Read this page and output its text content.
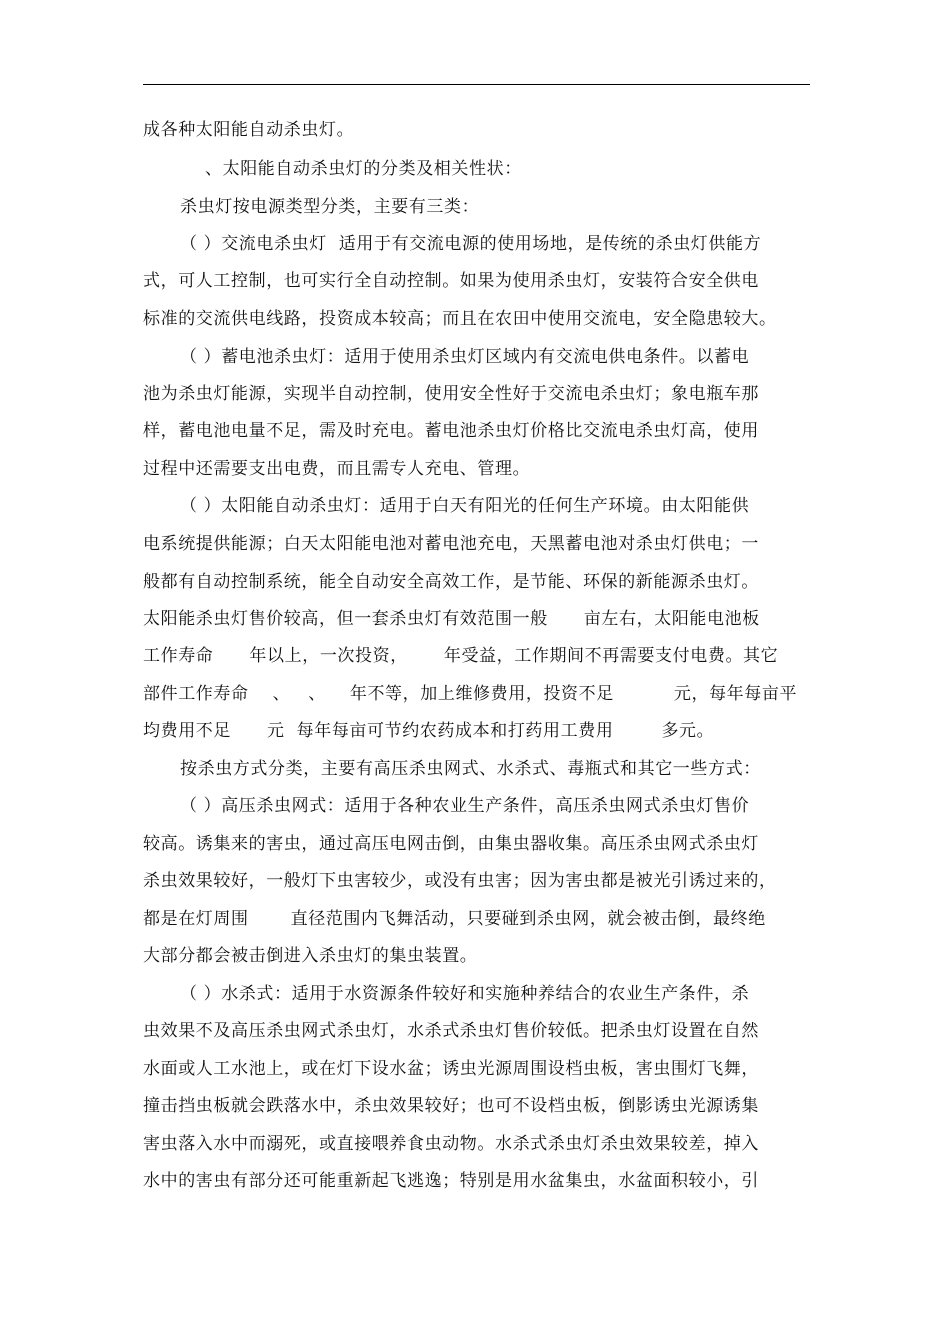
成各种太阳能自动杀虫灯。
、太阳能自动杀虫灯的分类及相关性状：
杀虫灯按电源类型分类，主要有三类：
（ ）交流电杀虫灯  适用于有交流电源的使用场地，是传统的杀虫灯供能方
式，可人工控制，也可实行全自动控制。如果为使用杀虫灯，安装符合安全供电
标准的交流供电线路，投资成本较高；而且在农田中使用交流电，安全隐患较大。
（ ）蓄电池杀虫灯：适用于使用杀虫灯区域内有交流电供电条件。以蓄电
池为杀虫灯能源，实现半自动控制，使用安全性好于交流电杀虫灯；象电瓶车那
样，蓄电池电量不足，需及时充电。蓄电池杀虫灯价格比交流电杀虫灯高，使用
过程中还需要支出电费，而且需专人充电、管理。
（ ）太阳能自动杀虫灯：适用于白天有阳光的任何生产环境。由太阳能供
电系统提供能源；白天太阳能电池对蓄电池充电，天黑蓄电池对杀虫灯供电；一
般都有自动控制系统，能全自动安全高效工作，是节能、环保的新能源杀虫灯。
太阳能杀虫灯售价较高，但一套杀虫灯有效范围一般      亩左右，太阳能电池板
工作寿命      年以上，一次投资，      年受益，工作期间不再需要支付电费。其它
部件工作寿命    、   、    年不等，加上维修费用，投资不足          元，每年每亩平
均费用不足      元  每年每亩可节约农药成本和打药用工费用        多元。
按杀虫方式分类，主要有高压杀虫网式、水杀式、毒瓶式和其它一些方式：
（ ）高压杀虫网式：适用于各种农业生产条件，高压杀虫网式杀虫灯售价
较高。诱集来的害虫，通过高压电网击倒，由集虫器收集。高压杀虫网式杀虫灯
杀虫效果较好，一般灯下虫害较少，或没有虫害；因为害虫都是被光引诱过来的，
都是在灯周围       直径范围内飞舞活动，只要碰到杀虫网，就会被击倒，最终绝
大部分都会被击倒进入杀虫灯的集虫装置。
（ ）水杀式：适用于水资源条件较好和实施种养结合的农业生产条件，杀
虫效果不及高压杀虫网式杀虫灯，水杀式杀虫灯售价较低。把杀虫灯设置在自然
水面或人工水池上，或在灯下设水盆；诱虫光源周围设档虫板，害虫围灯飞舞，
撞击挡虫板就会跌落水中，杀虫效果较好；也可不设档虫板，倒影诱虫光源诱集
害虫落入水中而溺死，或直接喂养食虫动物。水杀式杀虫灯杀虫效果较差，掉入
水中的害虫有部分还可能重新起飞逃逸；特别是用水盆集虫，水盆面积较小，引
